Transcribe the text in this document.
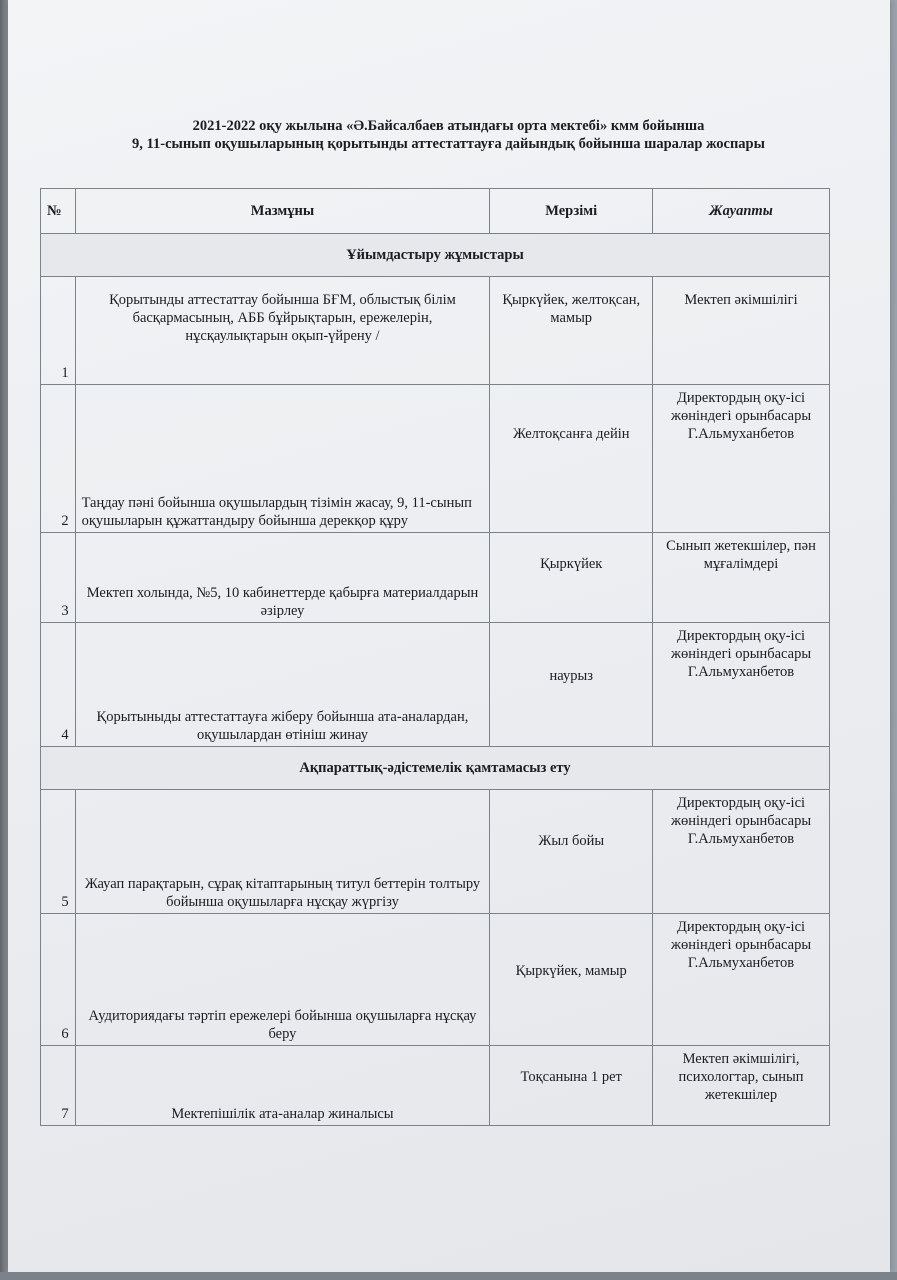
2021-2022 оқу жылына «Ә.Байсалбаев атындағы орта мектебі» кмм бойынша
9, 11-сынып оқушыларының қорытынды аттестаттауға дайындық бойынша шаралар жоспары
№	Мазмұны	Мерзімі	Жауапты
Ұйымдастыру жұмыстары			
1	Қорытынды аттестаттау бойынша БҒМ, облыстық білім басқармасының, АББ бұйрықтарын, ережелерін, нұсқаулықтарын оқып-үйрену /	Қыркүйек, желтоқсан, мамыр	Мектеп әкімшілігі
2	Таңдау пәні бойынша оқушылардың тізімін жасау, 9, 11-сынып оқушыларын құжаттандыру бойынша дерекқор құру	Желтоқсанға дейін	Директордың оқу-ісі жөніндегі орынбасары Г.Альмуханбетов
3	Мектеп холында, №5, 10 кабинеттерде қабырға материалдарын әзірлеу	Қыркүйек	Сынып жетекшілер, пән мұғалімдері
4	Қорытыныды аттестаттауға жіберу бойынша ата-аналардан, оқушылардан өтініш жинау	наурыз	Директордың оқу-ісі жөніндегі орынбасары Г.Альмуханбетов
Ақпараттық-әдістемелік қамтамасыз ету			
5	Жауап парақтарын, сұрақ кітаптарының титул беттерін толтыру бойынша оқушыларға нұсқау жүргізу	Жыл бойы	Директордың оқу-ісі жөніндегі орынбасары Г.Альмуханбетов
6	Аудиториядағы тәртіп ережелері бойынша оқушыларға нұсқау беру	Қыркүйек, мамыр	Директордың оқу-ісі жөніндегі орынбасары Г.Альмуханбетов
7	Мектепішілік ата-аналар жиналысы	Тоқсанына 1 рет	Мектеп әкімшілігі, психологтар, сынып жетекшілер
